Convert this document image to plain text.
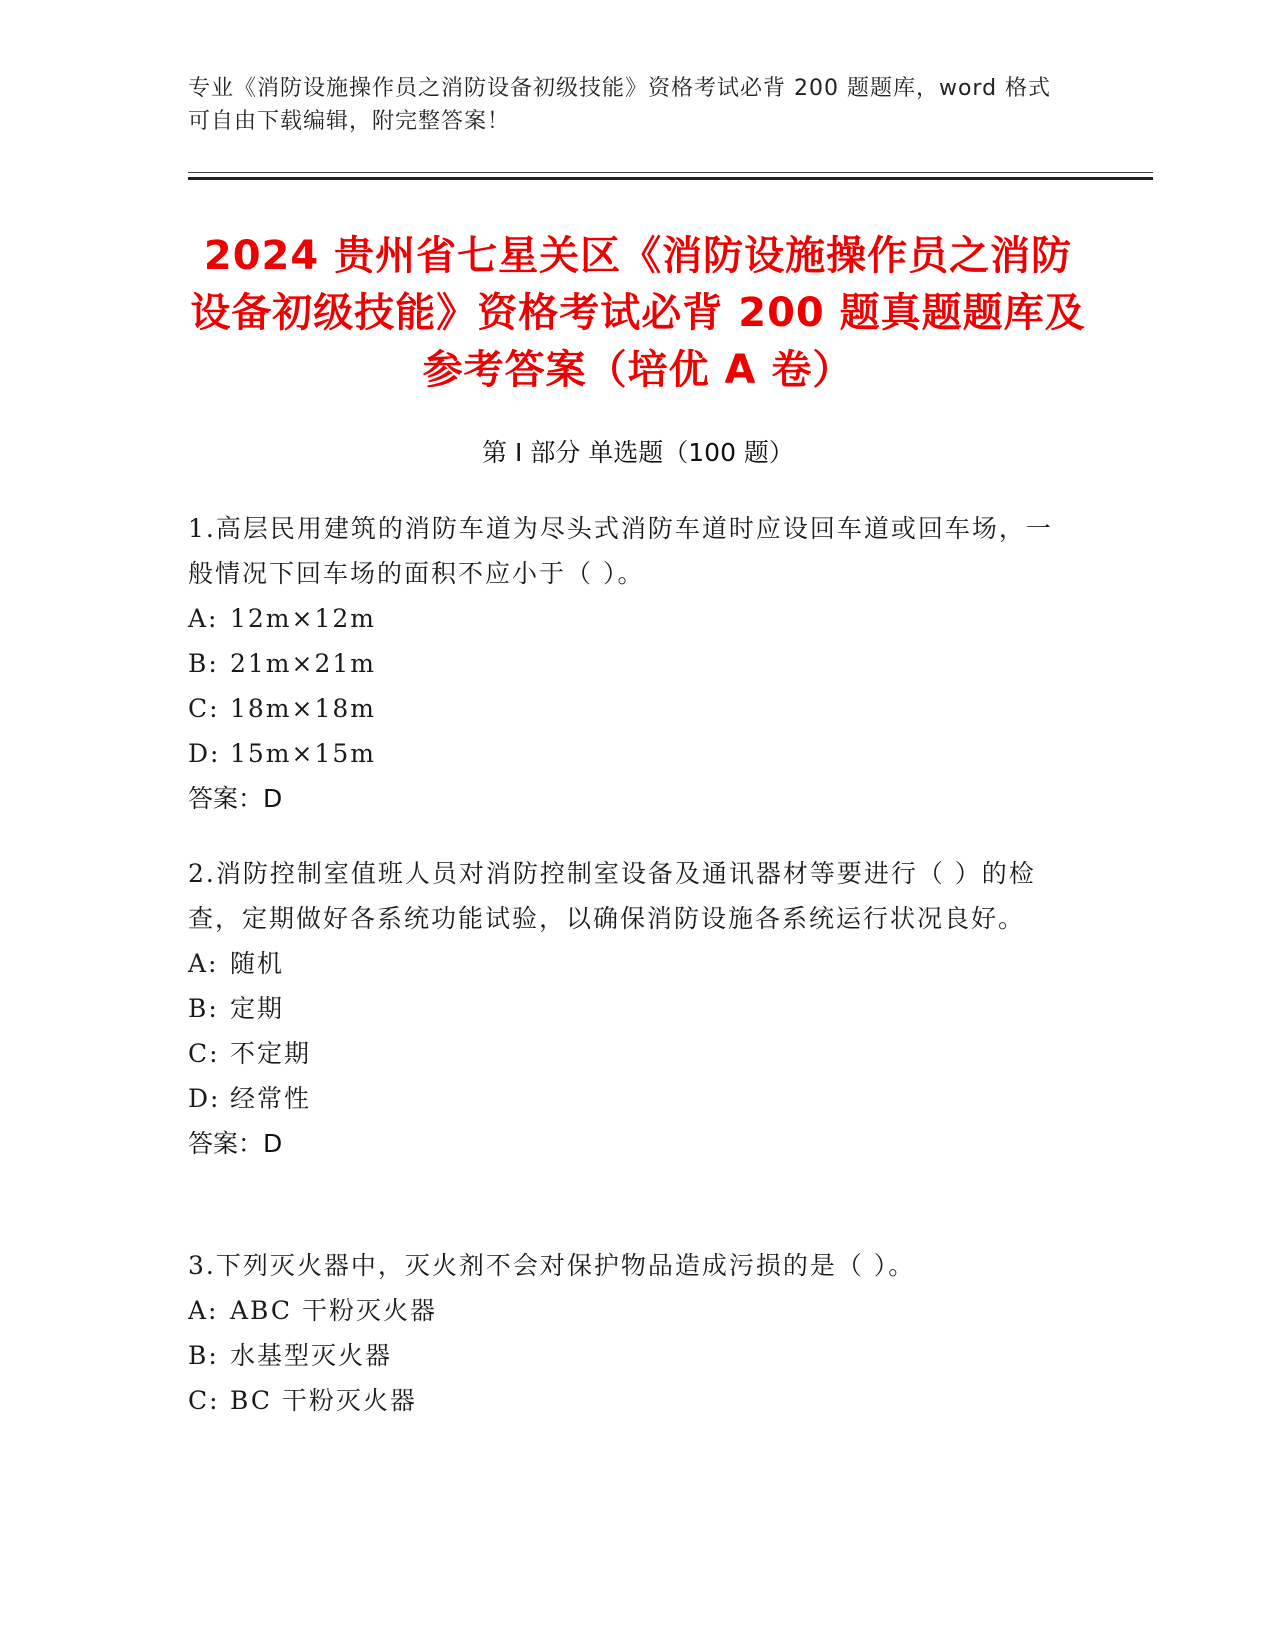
专业《消防设施操作员之消防设备初级技能》资格考试必背 200 题题库，word 格式可自由下载编辑，附完整答案！
2024 贵州省七星关区《消防设施操作员之消防设备初级技能》资格考试必背 200 题真题题库及参考答案（培优 A 卷）
第 I 部分 单选题（100 题）
1.高层民用建筑的消防车道为尽头式消防车道时应设回车道或回车场，一般情况下回车场的面积不应小于（ ）。
A: 12m×12m
B: 21m×21m
C: 18m×18m
D: 15m×15m
答案：D
2.消防控制室值班人员对消防控制室设备及通讯器材等要进行（ ）的检查，定期做好各系统功能试验，以确保消防设施各系统运行状况良好。
A: 随机
B: 定期
C: 不定期
D: 经常性
答案：D
3.下列灭火器中，灭火剂不会对保护物品造成污损的是（ ）。
A: ABC 干粉灭火器
B: 水基型灭火器
C: BC 干粉灭火器
